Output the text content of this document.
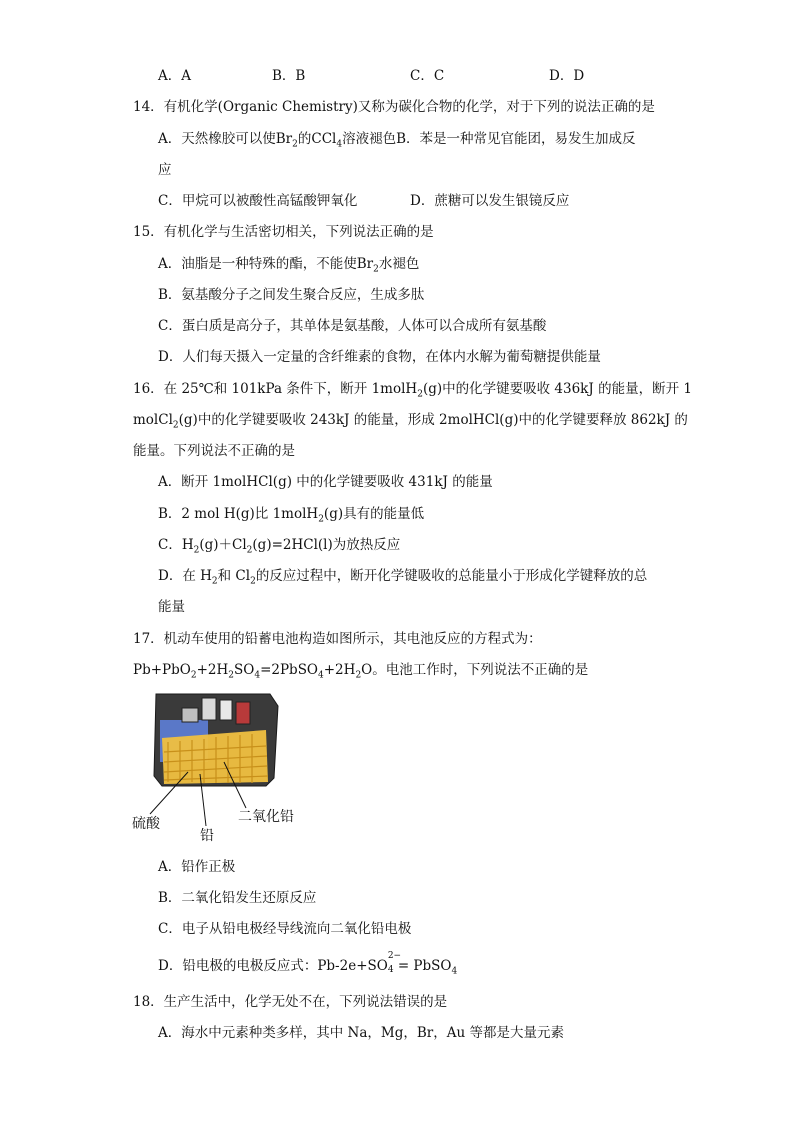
A．A	B．B	C．C	D．D
14．有机化学(Organic Chemistry)又称为碳化合物的化学，对于下列的说法正确的是
A．天然橡胶可以使$Br_2$的CCl$_4$溶液褪色B．苯是一种常见官能团，易发生加成反
应
C．甲烷可以被酸性高锰酸钾氧化	D．蔗糖可以发生银镜反应
15．有机化学与生活密切相关，下列说法正确的是
A．油脂是一种特殊的酯，不能使$Br_2$水褪色
B．氨基酸分子之间发生聚合反应，生成多肽
C．蛋白质是高分子，其单体是氨基酸，人体可以合成所有氨基酸
D．人们每天摄入一定量的含纤维素的食物，在体内水解为葡萄糖提供能量
16．在 25℃和 101kPa 条件下，断开 1molH$_2$(g)中的化学键要吸收 436kJ 的能量，断开 1
molCl$_2$(g)中的化学键要吸收 243kJ 的能量，形成 2molHCl(g)中的化学键要释放 862kJ 的
能量。下列说法不正确的是
A．断开 1molHCl(g) 中的化学键要吸收 431kJ 的能量
B．2 mol H(g)比 1molH$_2$(g)具有的能量低
C．$H_2(g)+Cl_2(g)=2HCl(l)$为放热反应
D．在 $H_2$和 $Cl_2$的反应过程中，断开化学键吸收的总能量小于形成化学键释放的总
能量
17．机动车使用的铅蓄电池构造如图所示，其电池反应的方程式为：
$Pb+PbO_2+2H_2SO_4=2PbSO_4+2H_2O$。电池工作时，下列说法不正确的是
硫酸
铅
二氧化铅
A．铅作正极
B．二氧化铅发生还原反应
C．电子从铅电极经导线流向二氧化铅电极
D．铅电极的电极反应式：Pb-2e+SO
2−
4 = PbSO$_4$
18．生产生活中，化学无处不在，下列说法错误的是
A．海水中元素种类多样，其中 Na，Mg，Br，Au 等都是大量元素
